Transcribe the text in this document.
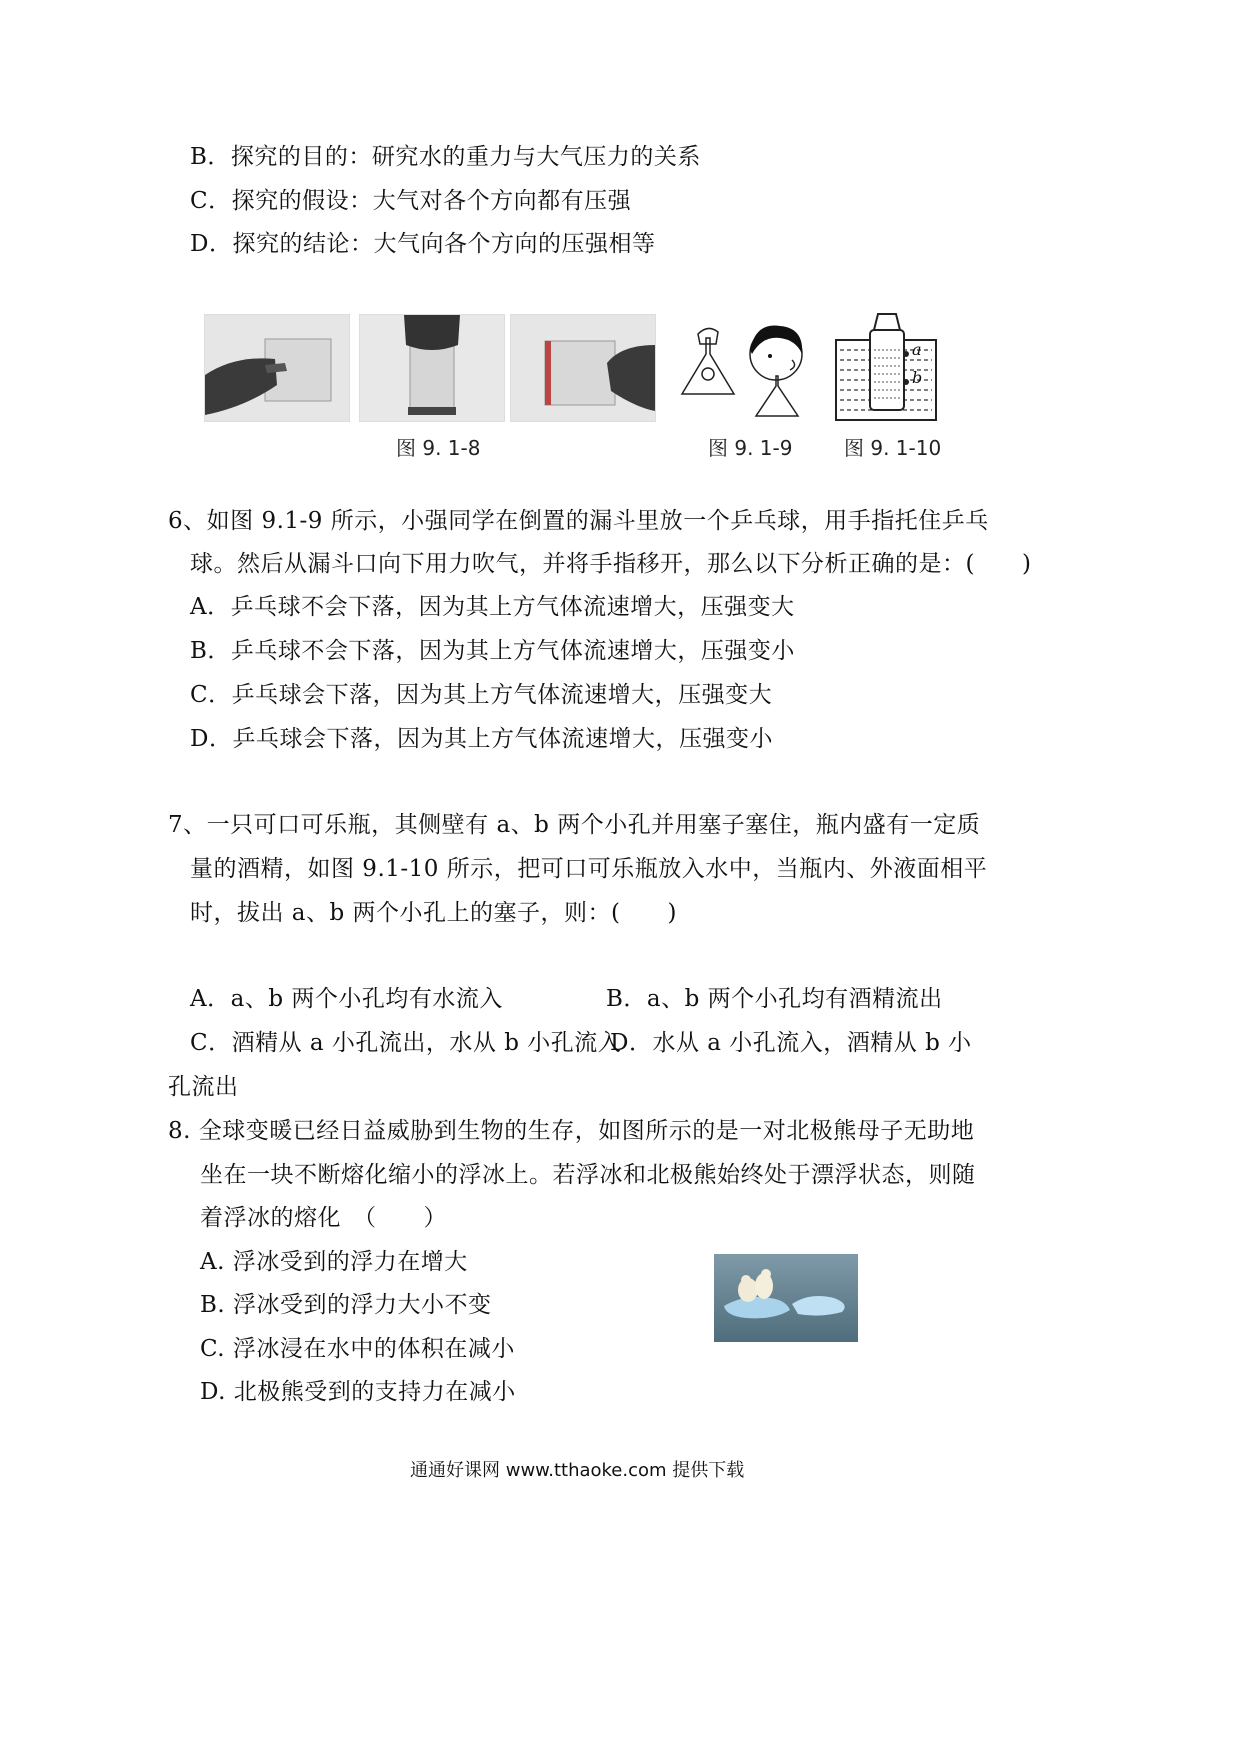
B．探究的目的：研究水的重力与大气压力的关系
C．探究的假设：大气对各个方向都有压强
D．探究的结论：大气向各个方向的压强相等
图 9. 1-8	图 9. 1-9
a
b
图 9. 1-10
6、如图 9.1-9 所示，小强同学在倒置的漏斗里放一个乒乓球，用手指托住乒乓
球。然后从漏斗口向下用力吹气，并将手指移开，那么以下分析正确的是：(　　)
A．乒乓球不会下落，因为其上方气体流速增大，压强变大
B．乒乓球不会下落，因为其上方气体流速增大，压强变小
C．乒乓球会下落，因为其上方气体流速增大，压强变大
D．乒乓球会下落，因为其上方气体流速增大，压强变小
7、一只可口可乐瓶，其侧壁有 a、b 两个小孔并用塞子塞住，瓶内盛有一定质
量的酒精，如图 9.1-10 所示，把可口可乐瓶放入水中，当瓶内、外液面相平
时，拔出 a、b 两个小孔上的塞子，则：(　　)
A．a、b 两个小孔均有水流入	B．a、b 两个小孔均有酒精流出
C．酒精从 a 小孔流出，水从 b 小孔流入
D．水从 a 小孔流入，酒精从 b 小
孔流出
8. 全球变暖已经日益威胁到生物的生存，如图所示的是一对北极熊母子无助地
坐在一块不断熔化缩小的浮冰上。若浮冰和北极熊始终处于漂浮状态，则随
着浮冰的熔化　（　　）
A. 浮冰受到的浮力在增大
B. 浮冰受到的浮力大小不变
C. 浮冰浸在水中的体积在减小
D. 北极熊受到的支持力在减小
通通好课网 www.tthaoke.com 提供下载
